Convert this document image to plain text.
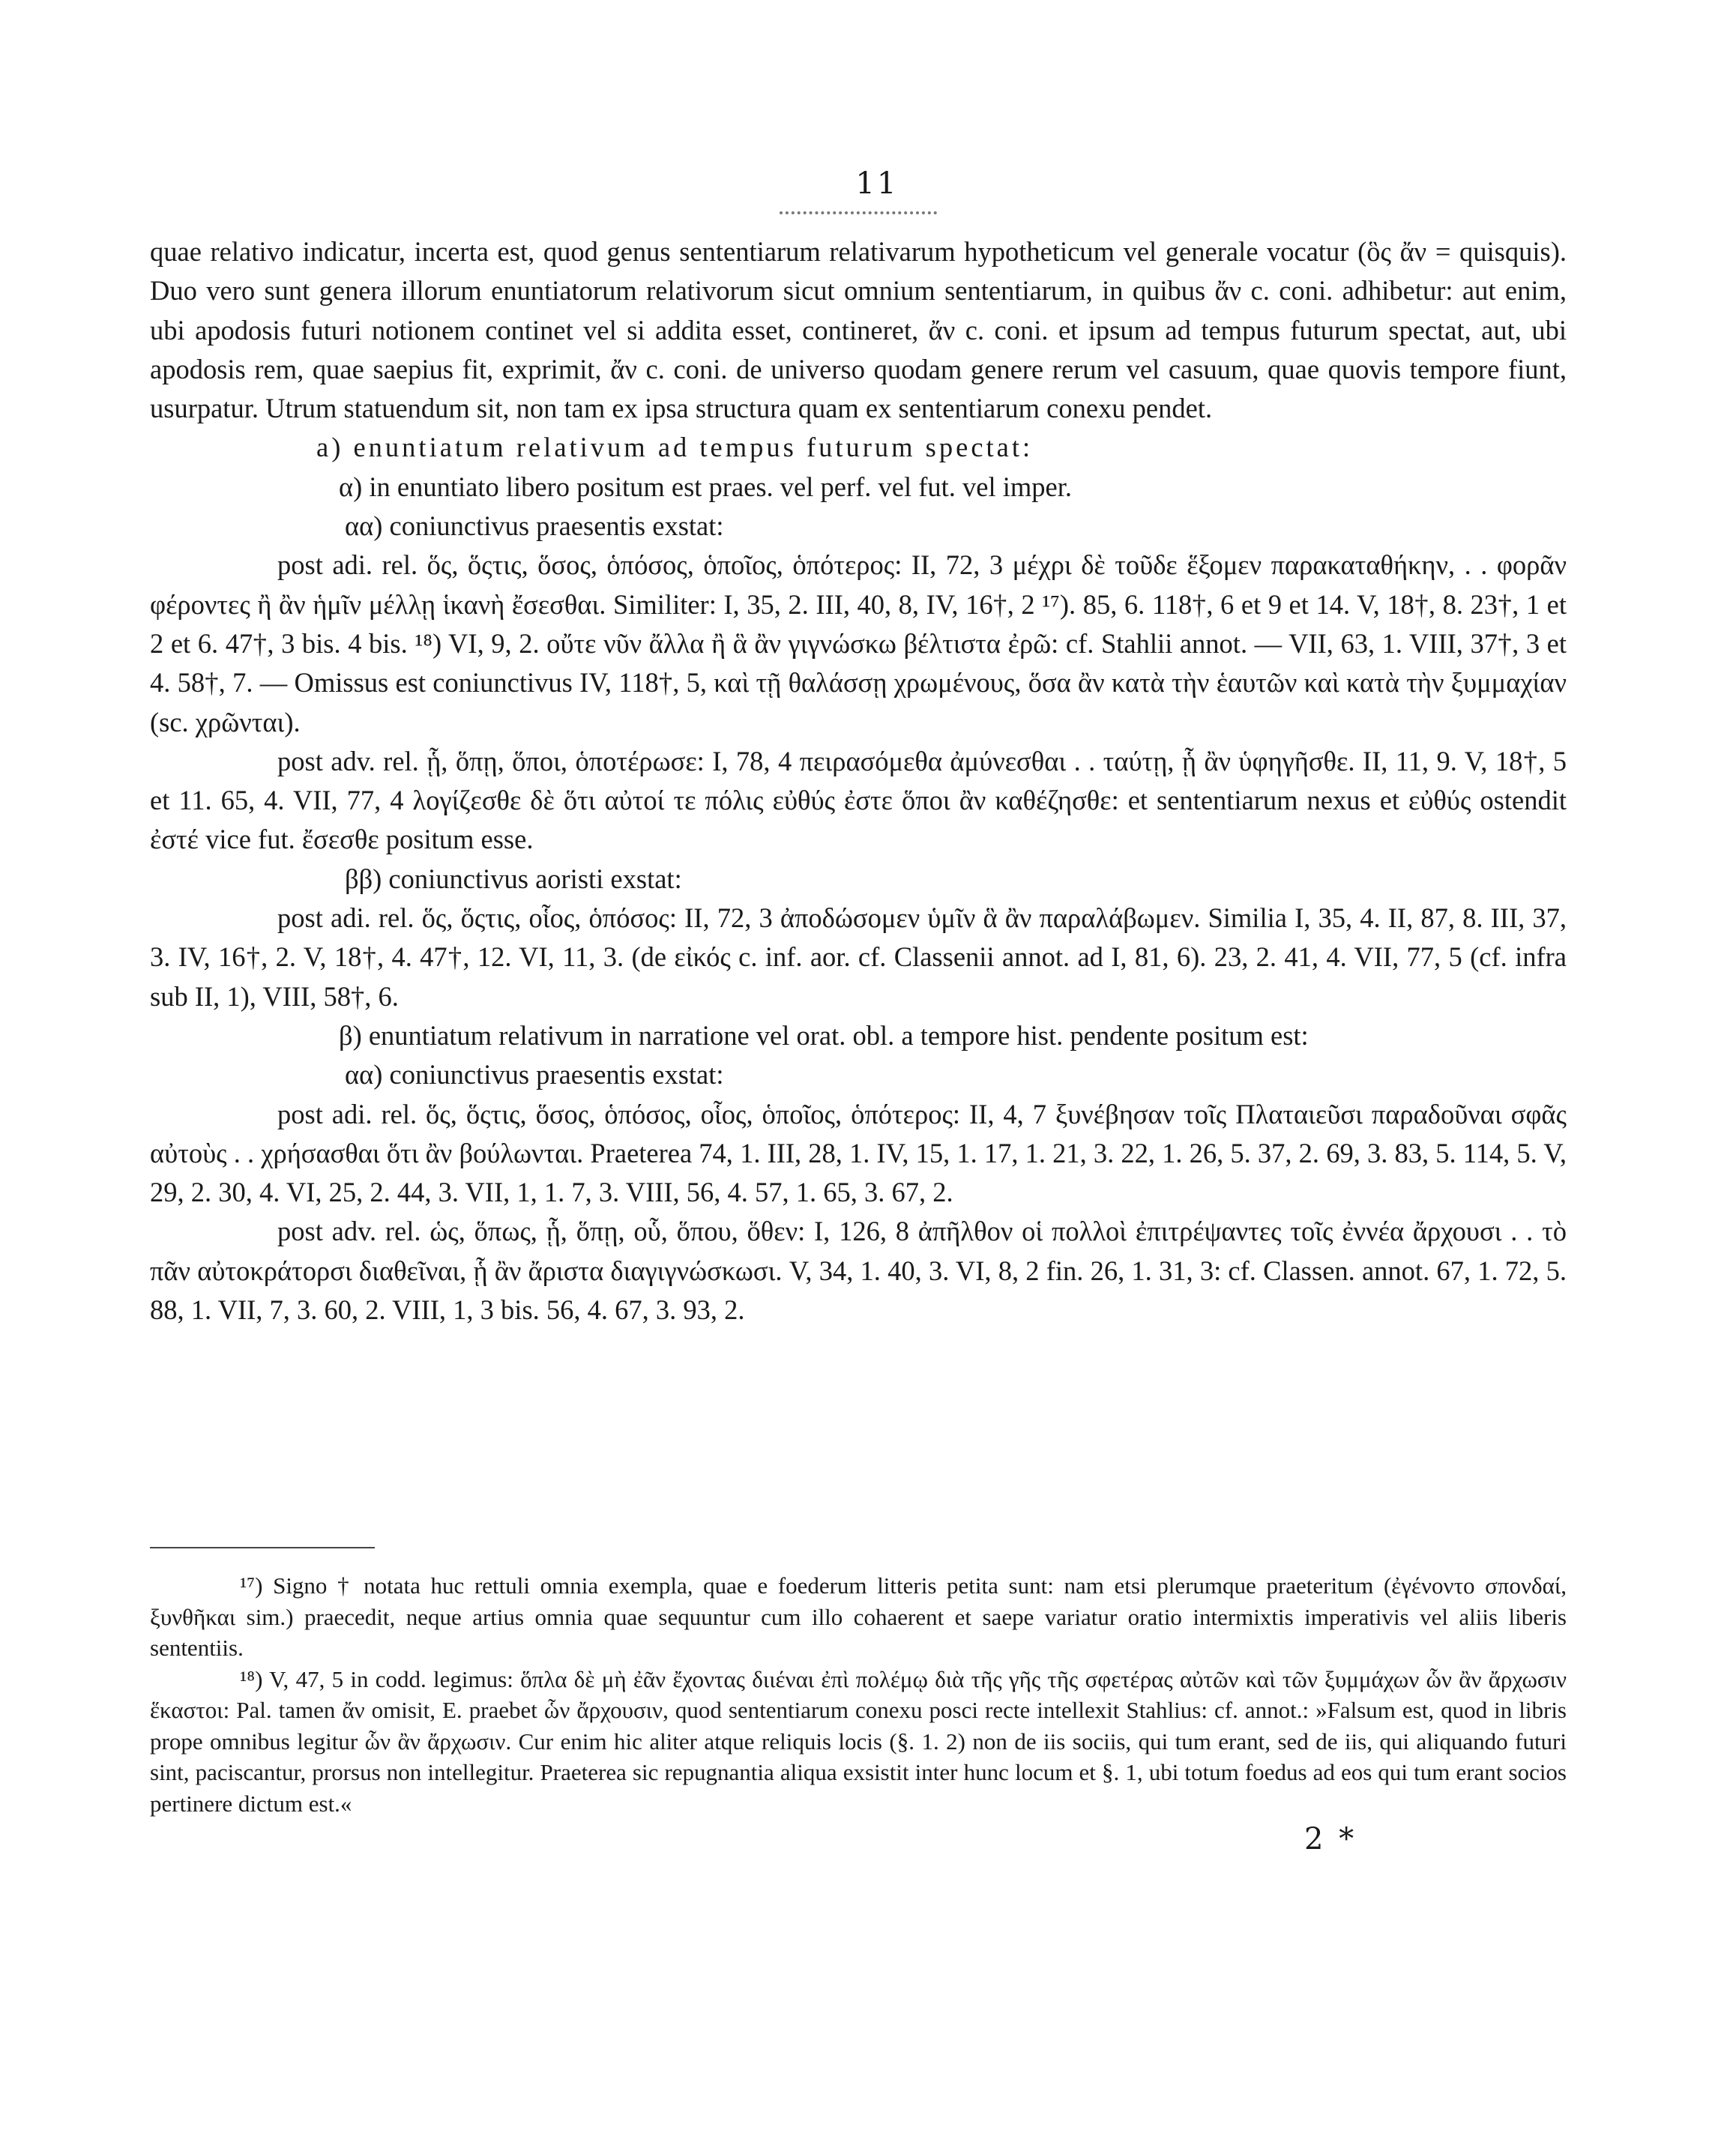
11

quae relativo indicatur, incerta est, quod genus sententiarum relativarum hypotheticum vel generale vocatur (ὃς ἄν = quisquis). Duo vero sunt genera illorum enuntiatorum relativorum sicut omnium sententiarum, in quibus ἄν c. coni. adhibetur: aut enim, ubi apodosis futuri notionem continet vel si addita esset, contineret, ἄν c. coni. et ipsum ad tempus futurum spectat, aut, ubi apodosis rem, quae saepius fit, exprimit, ἄν c. coni. de universo quodam genere rerum vel casuum, quae quovis tempore fiunt, usurpatur. Utrum statuendum sit, non tam ex ipsa structura quam ex sententiarum conexu pendet.

a) enuntiatum relativum ad tempus futurum spectat:

α) in enuntiato libero positum est praes. vel perf. vel fut. vel imper.

αα) coniunctivus praesentis exstat:

post adi. rel. ὅς, ὅςτις, ὅσος, ὁπόσος, ὁποῖος, ὁπότερος: II, 72, 3 μέχρι δὲ τοῦδε ἕξομεν παρακαταθήκην, . . φορᾶν φέροντες ἢ ἂν ἡμῖν μέλλῃ ἱκανὴ ἔσεσθαι. Similiter: I, 35, 2. III, 40, 8, IV, 16†, 2 ¹⁷). 85, 6. 118†, 6 et 9 et 14. V, 18†, 8. 23†, 1 et 2 et 6. 47†, 3 bis. 4 bis. ¹⁸) VI, 9, 2. οὔτε νῦν ἄλλα ἢ ἃ ἂν γιγνώσκω βέλτιστα ἐρῶ: cf. Stahlii annot. — VII, 63, 1. VIII, 37†, 3 et 4. 58†, 7. — Omissus est coniunctivus IV, 118†, 5, καὶ τῇ θαλάσσῃ χρωμένους, ὅσα ἂν κατὰ τὴν ἑαυτῶν καὶ κατὰ τὴν ξυμμαχίαν (sc. χρῶνται).

post adv. rel. ᾗ, ὅπῃ, ὅποι, ὁποτέρωσε: I, 78, 4 πειρασόμεθα ἀμύνεσθαι . . ταύτῃ, ᾗ ἂν ὑφηγῆσθε. II, 11, 9. V, 18†, 5 et 11. 65, 4. VII, 77, 4 λογίζεσθε δὲ ὅτι αὐτοί τε πόλις εὐθύς ἐστε ὅποι ἂν καθέζησθε: et sententiarum nexus et εὐθύς ostendit ἐστέ vice fut. ἔσεσθε positum esse.

ββ) coniunctivus aoristi exstat:

post adi. rel. ὅς, ὅςτις, οἷος, ὁπόσος: II, 72, 3 ἀποδώσομεν ὑμῖν ἃ ἂν παραλάβωμεν. Similia I, 35, 4. II, 87, 8. III, 37, 3. IV, 16†, 2. V, 18†, 4. 47†, 12. VI, 11, 3. (de εἰκός c. inf. aor. cf. Classenii annot. ad I, 81, 6). 23, 2. 41, 4. VII, 77, 5 (cf. infra sub II, 1), VIII, 58†, 6.

β) enuntiatum relativum in narratione vel orat. obl. a tempore hist. pendente positum est:

αα) coniunctivus praesentis exstat:

post adi. rel. ὅς, ὅςτις, ὅσος, ὁπόσος, οἷος, ὁποῖος, ὁπότερος: II, 4, 7 ξυνέβησαν τοῖς Πλαταιεῦσι παραδοῦναι σφᾶς αὐτοὺς . . χρήσασθαι ὅτι ἂν βούλωνται. Praeterea 74, 1. III, 28, 1. IV, 15, 1. 17, 1. 21, 3. 22, 1. 26, 5. 37, 2. 69, 3. 83, 5. 114, 5. V, 29, 2. 30, 4. VI, 25, 2. 44, 3. VII, 1, 1. 7, 3. VIII, 56, 4. 57, 1. 65, 3. 67, 2.

post adv. rel. ὡς, ὅπως, ᾗ, ὅπῃ, οὗ, ὅπου, ὅθεν: I, 126, 8 ἀπῆλθον οἱ πολλοὶ ἐπιτρέψαντες τοῖς ἐννέα ἄρχουσι . . τὸ πᾶν αὐτοκράτορσι διαθεῖναι, ᾗ ἂν ἄριστα διαγιγνώσκωσι. V, 34, 1. 40, 3. VI, 8, 2 fin. 26, 1. 31, 3: cf. Classen. annot. 67, 1. 72, 5. 88, 1. VII, 7, 3. 60, 2. VIII, 1, 3 bis. 56, 4. 67, 3. 93, 2.

¹⁷) Signo † notata huc rettuli omnia exempla, quae e foederum litteris petita sunt: nam etsi plerumque praeteritum (ἐγένοντο σπονδαί, ξυνθῆκαι sim.) praecedit, neque artius omnia quae sequuntur cum illo cohaerent et saepe variatur oratio intermixtis imperativis vel aliis liberis sententiis.

¹⁸) V, 47, 5 in codd. legimus: ὅπλα δὲ μὴ ἐᾶν ἔχοντας διιέναι ἐπὶ πολέμῳ διὰ τῆς γῆς τῆς σφετέρας αὐτῶν καὶ τῶν ξυμμάχων ὧν ἂν ἄρχωσιν ἕκαστοι: Pal. tamen ἄν omisit, E. praebet ὧν ἄρχουσιν, quod sententiarum conexu posci recte intellexit Stahlius: cf. annot.: »Falsum est, quod in libris prope omnibus legitur ὧν ἂν ἄρχωσιν. Cur enim hic aliter atque reliquis locis (§. 1. 2) non de iis sociis, qui tum erant, sed de iis, qui aliquando futuri sint, paciscantur, prorsus non intellegitur. Praeterea sic repugnantia aliqua exsistit inter hunc locum et §. 1, ubi totum foedus ad eos qui tum erant socios pertinere dictum est.«

2 *
